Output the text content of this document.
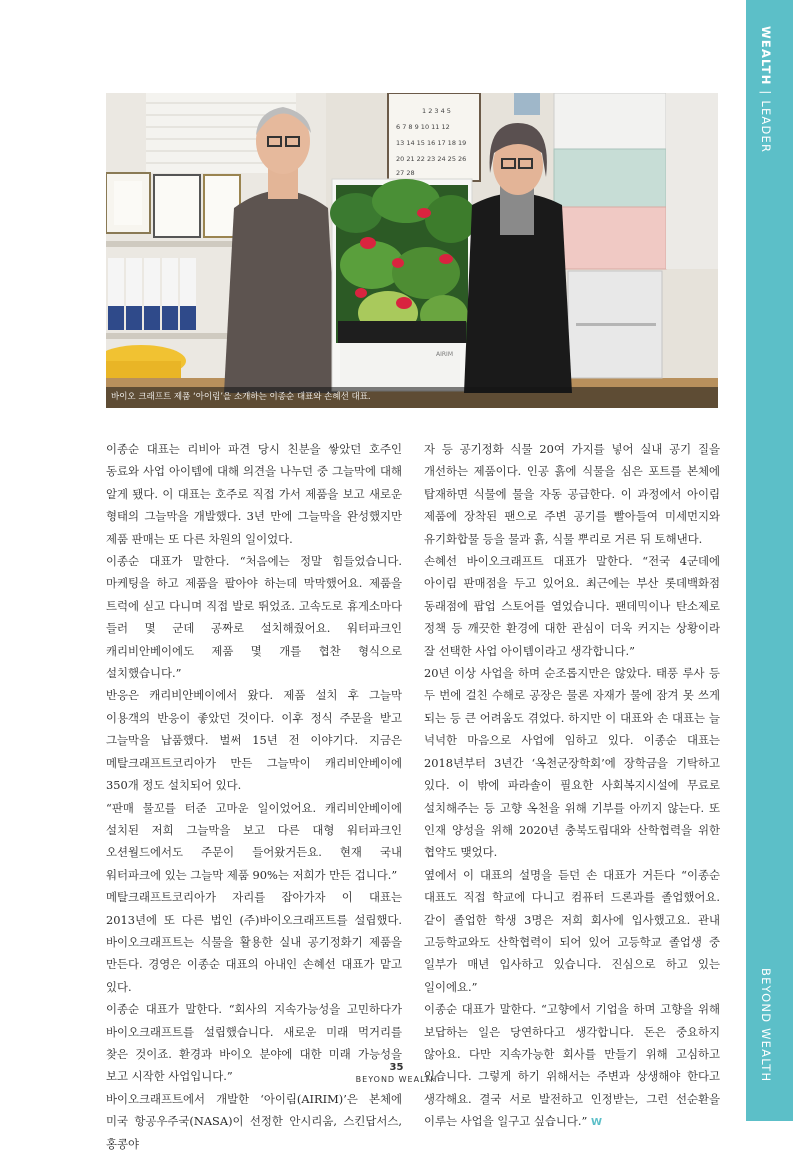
WEALTH | LEADER
BEYOND WEALTH
1 2 3 4 5
6 7 8 9 10 11 12
13 14 15 16 17 18 19
20 21 22 23 24 25 26
27 28
AIRIM
바이오 크래프트 제품 ‘아이림’을 소개하는 이종순 대표와 손혜선 대표.

이종순 대표는 리비아 파견 당시 친분을 쌓았던 호주인 동료와 사업 아이템에 대해 의견을 나누던 중 그늘막에 대해 알게 됐다. 이 대표는 호주로 직접 가서 제품을 보고 새로운 형태의 그늘막을 개발했다. 3년 만에 그늘막을 완성했지만 제품 판매는 또 다른 차원의 일이었다.

이종순 대표가 말한다. “처음에는 정말 힘들었습니다. 마케팅을 하고 제품을 팔아야 하는데 막막했어요. 제품을 트럭에 싣고 다니며 직접 발로 뛰었죠. 고속도로 휴게소마다 들러 몇 군데 공짜로 설치해줬어요. 워터파크인 캐리비안베이에도 제품 몇 개를 협찬 형식으로 설치했습니다.”

반응은 캐리비안베이에서 왔다. 제품 설치 후 그늘막 이용객의 반응이 좋았던 것이다. 이후 정식 주문을 받고 그늘막을 납품했다. 벌써 15년 전 이야기다. 지금은 메탈크래프트코리아가 만든 그늘막이 캐리비안베이에 350개 정도 설치되어 있다.

“판매 물꼬를 터준 고마운 일이었어요. 캐리비안베이에 설치된 저희 그늘막을 보고 다른 대형 워터파크인 오션월드에서도 주문이 들어왔거든요. 현재 국내 워터파크에 있는 그늘막 제품 90%는 저희가 만든 겁니다.”

메탈크래프트코리아가 자리를 잡아가자 이 대표는 2013년에 또 다른 법인 (주)바이오크래프트를 설립했다. 바이오크래프트는 식물을 활용한 실내 공기정화기 제품을 만든다. 경영은 이종순 대표의 아내인 손혜선 대표가 맡고 있다.

이종순 대표가 말한다. “회사의 지속가능성을 고민하다가 바이오크래프트를 설립했습니다. 새로운 미래 먹거리를 찾은 것이죠. 환경과 바이오 분야에 대한 미래 가능성을 보고 시작한 사업입니다.”

바이오크래프트에서 개발한 ‘아이림(AIRIM)’은 본체에 미국 항공우주국(NASA)이 선정한 안시리움, 스킨답서스, 홍콩야

자 등 공기정화 식물 20여 가지를 넣어 실내 공기 질을 개선하는 제품이다. 인공 흙에 식물을 심은 포트를 본체에 탑재하면 식물에 물을 자동 공급한다. 이 과정에서 아이림 제품에 장착된 팬으로 주변 공기를 빨아들여 미세먼지와 유기화합물 등을 물과 흙, 식물 뿌리로 거른 뒤 토해낸다.

손혜선 바이오크래프트 대표가 말한다. “전국 4군데에 아이림 판매점을 두고 있어요. 최근에는 부산 롯데백화점 동래점에 팝업 스토어를 열었습니다. 팬데믹이나 탄소제로 정책 등 깨끗한 환경에 대한 관심이 더욱 커지는 상황이라 잘 선택한 사업 아이템이라고 생각합니다.”

20년 이상 사업을 하며 순조롭지만은 않았다. 태풍 루사 등 두 번에 걸친 수해로 공장은 물론 자재가 물에 잠겨 못 쓰게 되는 등 큰 어려움도 겪었다. 하지만 이 대표와 손 대표는 늘 넉넉한 마음으로 사업에 임하고 있다. 이종순 대표는 2018년부터 3년간 ‘옥천군장학회’에 장학금을 기탁하고 있다. 이 밖에 파라솔이 필요한 사회복지시설에 무료로 설치해주는 등 고향 옥천을 위해 기부를 아끼지 않는다. 또 인재 양성을 위해 2020년 충북도립대와 산학협력을 위한 협약도 맺었다.

옆에서 이 대표의 설명을 듣던 손 대표가 거든다 “이종순 대표도 직접 학교에 다니고 컴퓨터 드론과를 졸업했어요. 같이 졸업한 학생 3명은 저희 회사에 입사했고요. 관내 고등학교와도 산학협력이 되어 있어 고등학교 졸업생 중 일부가 매년 입사하고 있습니다. 진심으로 하고 있는 일이에요.”

이종순 대표가 말한다. “고향에서 기업을 하며 고향을 위해 보답하는 일은 당연하다고 생각합니다. 돈은 중요하지 않아요. 다만 지속가능한 회사를 만들기 위해 고심하고 있습니다. 그렇게 하기 위해서는 주변과 상생해야 한다고 생각해요. 결국 서로 발전하고 인정받는, 그런 선순환을 이루는 사업을 일구고 싶습니다.” W

35
BEYOND WEALTH
